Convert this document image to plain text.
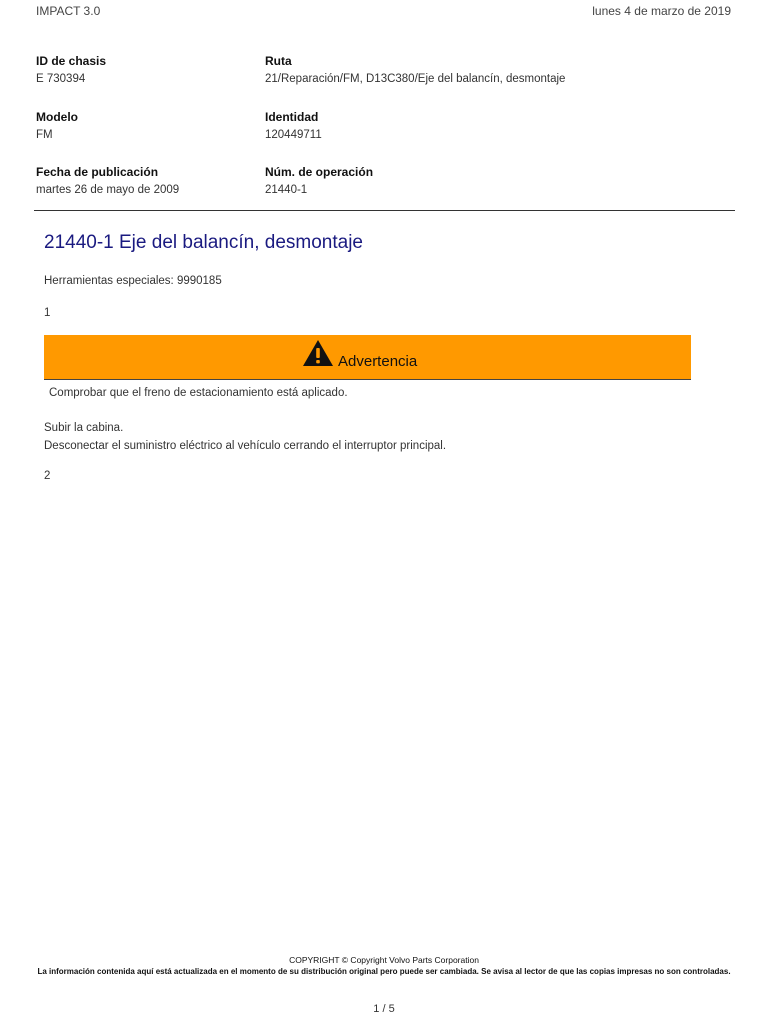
IMPACT 3.0	lunes 4 de marzo de 2019
ID de chasis
E 730394
Ruta
21/Reparación/FM, D13C380/Eje del balancín, desmontaje
Modelo
FM
Identidad
120449711
Fecha de publicación
martes 26 de mayo de 2009
Núm. de operación
21440-1
21440-1 Eje del balancín, desmontaje
Herramientas especiales: 9990185
1
Advertencia
Comprobar que el freno de estacionamiento está aplicado.
Subir la cabina.
Desconectar el suministro eléctrico al vehículo cerrando el interruptor principal.
2
COPYRIGHT © Copyright Volvo Parts Corporation
La información contenida aquí está actualizada en el momento de su distribución original pero puede ser cambiada. Se avisa al lector de que las copias impresas no son controladas.
1 / 5
